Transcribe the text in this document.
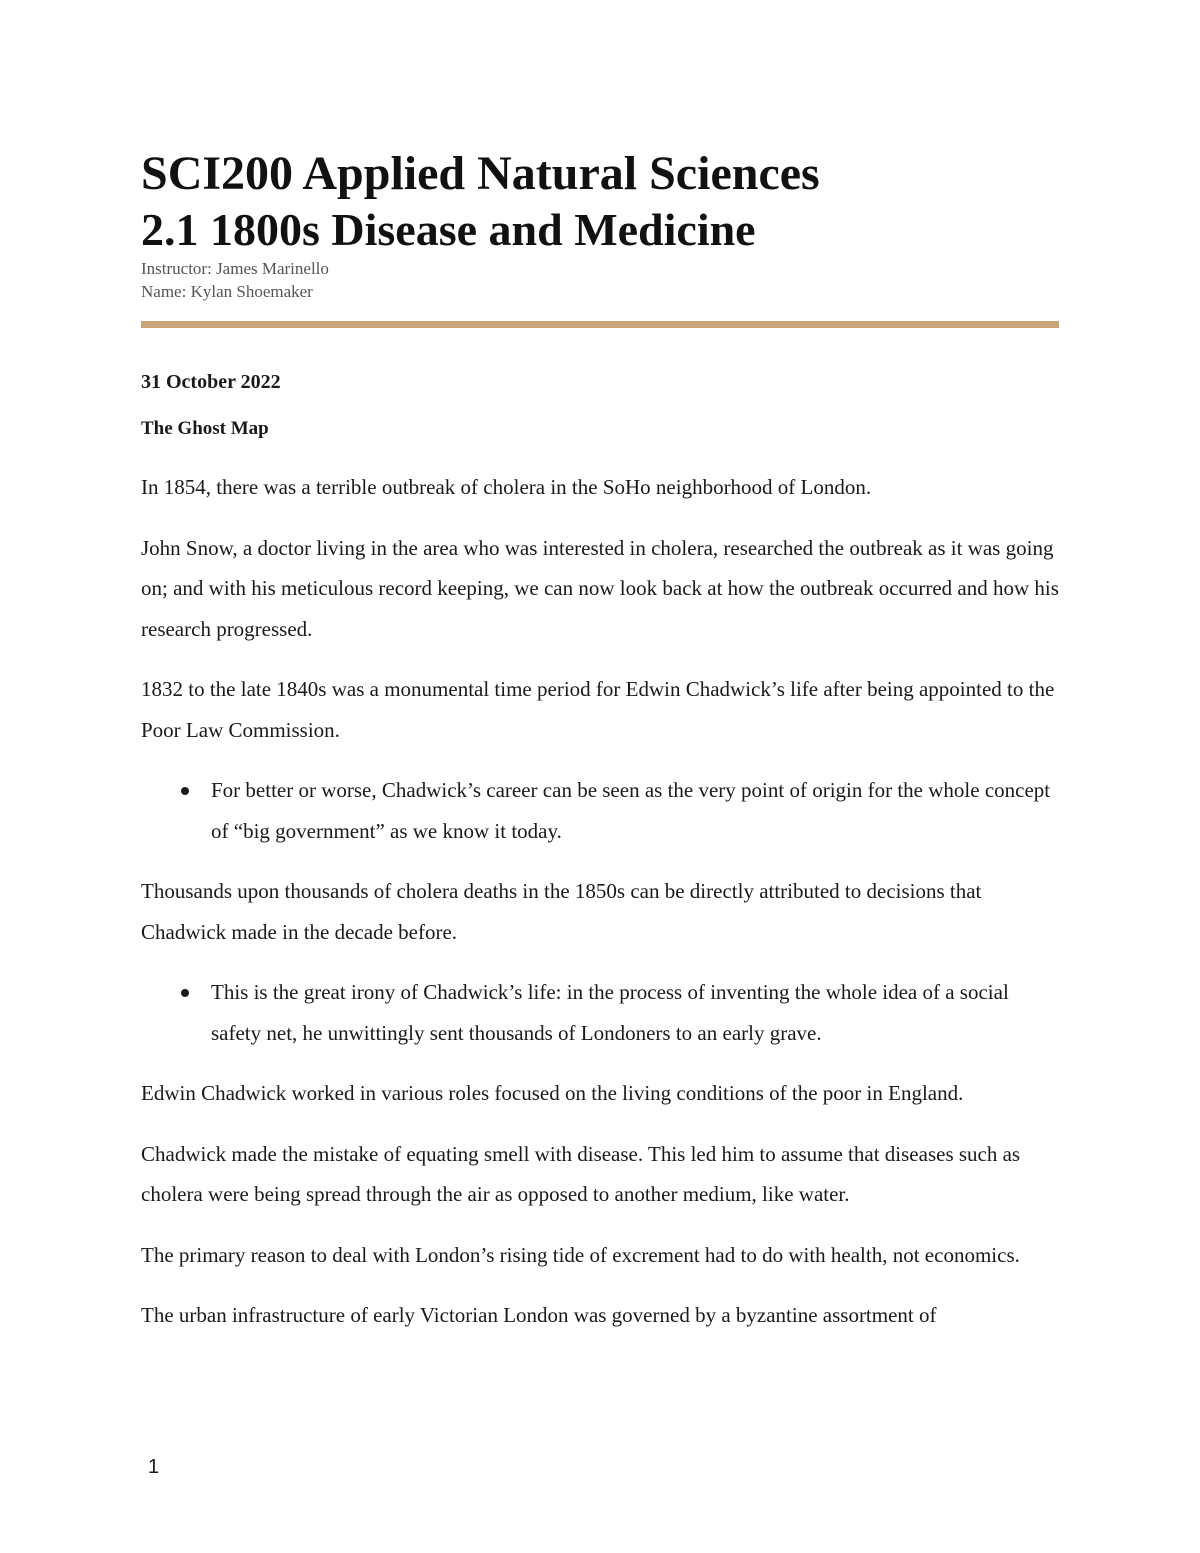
SCI200 Applied Natural Sciences
2.1 1800s Disease and Medicine
Instructor: James Marinello
Name: Kylan Shoemaker

31 October 2022

The Ghost Map

In 1854, there was a terrible outbreak of cholera in the SoHo neighborhood of London.

John Snow, a doctor living in the area who was interested in cholera, researched the outbreak as it was going on; and with his meticulous record keeping, we can now look back at how the outbreak occurred and how his research progressed.

1832 to the late 1840s was a monumental time period for Edwin Chadwick’s life after being appointed to the Poor Law Commission.

For better or worse, Chadwick’s career can be seen as the very point of origin for the whole concept of “big government” as we know it today.

Thousands upon thousands of cholera deaths in the 1850s can be directly attributed to decisions that Chadwick made in the decade before.

This is the great irony of Chadwick’s life: in the process of inventing the whole idea of a social safety net, he unwittingly sent thousands of Londoners to an early grave.

Edwin Chadwick worked in various roles focused on the living conditions of the poor in England.

Chadwick made the mistake of equating smell with disease. This led him to assume that diseases such as cholera were being spread through the air as opposed to another medium, like water.

The primary reason to deal with London’s rising tide of excrement had to do with health, not economics.

The urban infrastructure of early Victorian London was governed by a byzantine assortment of

1
